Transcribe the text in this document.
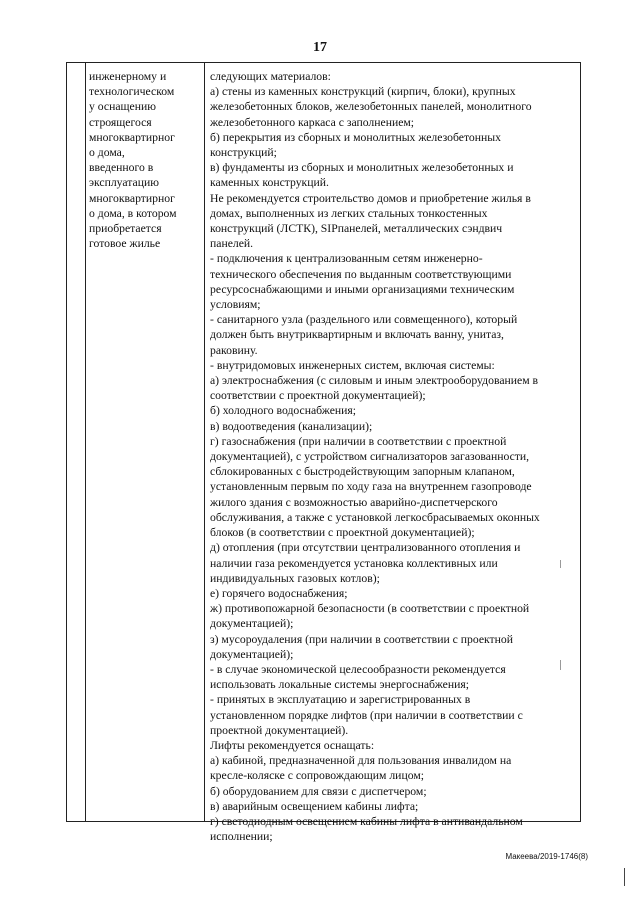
17
инженерному и
технологическом
у оснащению
строящегося
многоквартирног
о дома,
введенного в
эксплуатацию
многоквартирног
о дома, в котором
приобретается
готовое жилье
следующих материалов:
а) стены из каменных конструкций (кирпич, блоки), крупных
железобетонных блоков, железобетонных панелей, монолитного
железобетонного каркаса с заполнением;
б) перекрытия из сборных и монолитных железобетонных
конструкций;
в) фундаменты из сборных и монолитных железобетонных и
каменных конструкций.
Не рекомендуется строительство домов и приобретение жилья в
домах, выполненных из легких стальных тонкостенных
конструкций (ЛСТК), SIPпанелей, металлических сэндвич
панелей.
- подключения к централизованным сетям инженерно-
технического обеспечения по выданным соответствующими
ресурсоснабжающими и иными организациями техническим
условиям;
- санитарного узла (раздельного или совмещенного), который
должен быть внутриквартирным и включать ванну, унитаз,
раковину.
- внутридомовых инженерных систем, включая системы:
а) электроснабжения (с силовым и иным электрооборудованием в
соответствии с проектной документацией);
б) холодного водоснабжения;
в) водоотведения (канализации);
г) газоснабжения (при наличии в соответствии с проектной
документацией), с устройством сигнализаторов загазованности,
сблокированных с быстродействующим запорным клапаном,
установленным первым по ходу газа на внутреннем газопроводе
жилого здания с возможностью аварийно-диспетчерского
обслуживания, а также с установкой легкосбрасываемых оконных
блоков (в соответствии с проектной документацией);
д) отопления (при отсутствии централизованного отопления и
наличии газа рекомендуется установка коллективных или
индивидуальных газовых котлов);
е) горячего водоснабжения;
ж) противопожарной безопасности (в соответствии с проектной
документацией);
з) мусороудаления (при наличии в соответствии с проектной
документацией);
- в случае экономической целесообразности рекомендуется
использовать локальные системы энергоснабжения;
- принятых в эксплуатацию и зарегистрированных в
установленном порядке лифтов (при наличии в соответствии с
проектной документацией).
Лифты рекомендуется оснащать:
а) кабиной, предназначенной для пользования инвалидом на
кресле-коляске с сопровождающим лицом;
б) оборудованием для связи с диспетчером;
в) аварийным освещением кабины лифта;
г) светодиодным освещением кабины лифта в антивандальном
исполнении;
Макеева/2019-1746(8)
